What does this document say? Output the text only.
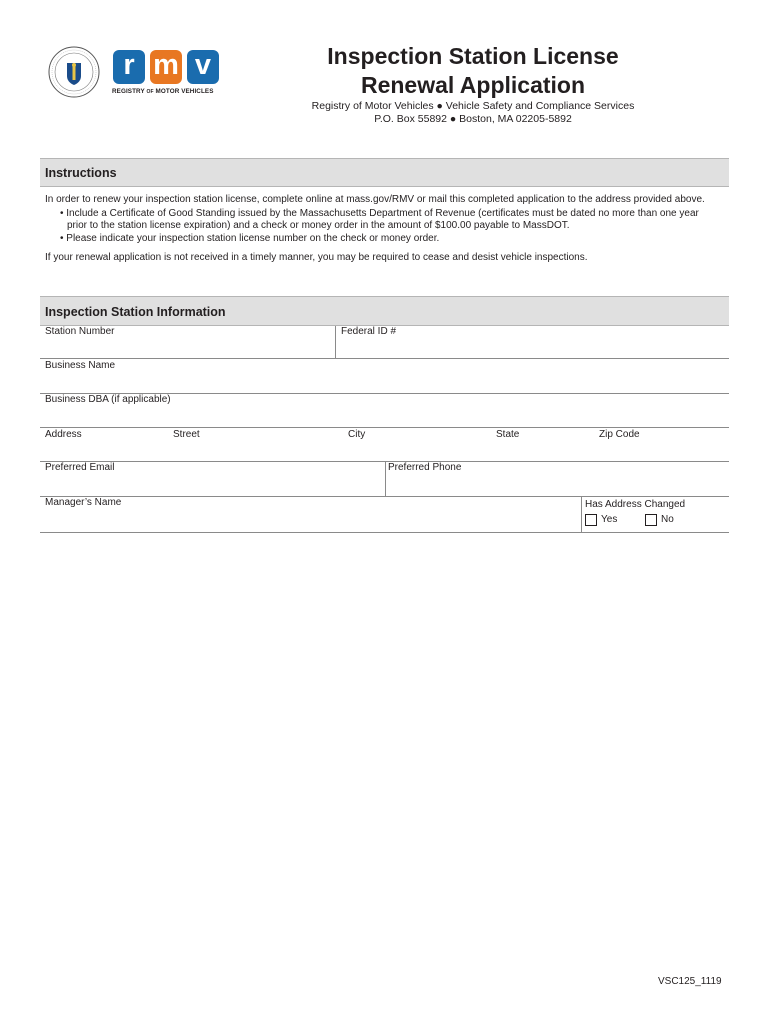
r m v
REGISTRY OF MOTOR VEHICLES
Inspection Station License
Renewal Application
Registry of Motor Vehicles ● Vehicle Safety and Compliance Services
P.O. Box 55892 ● Boston, MA 02205-5892
Instructions
In order to renew your inspection station license, complete online at mass.gov/RMV or mail this completed application to the address provided above.
• Include a Certificate of Good Standing issued by the Massachusetts Department of Revenue (certificates must be dated no more than one year
prior to the station license expiration) and a check or money order in the amount of $100.00 payable to MassDOT.
• Please indicate your inspection station license number on the check or money order.
If your renewal application is not received in a timely manner, you may be required to cease and desist vehicle inspections.
Inspection Station Information
Station Number	Federal ID #
Business Name
Business DBA (if applicable)
Address	Street	City	State	Zip Code
Preferred Email	Preferred Phone
Manager’s Name	Has Address Changed
Yes	No
VSC125_1119
